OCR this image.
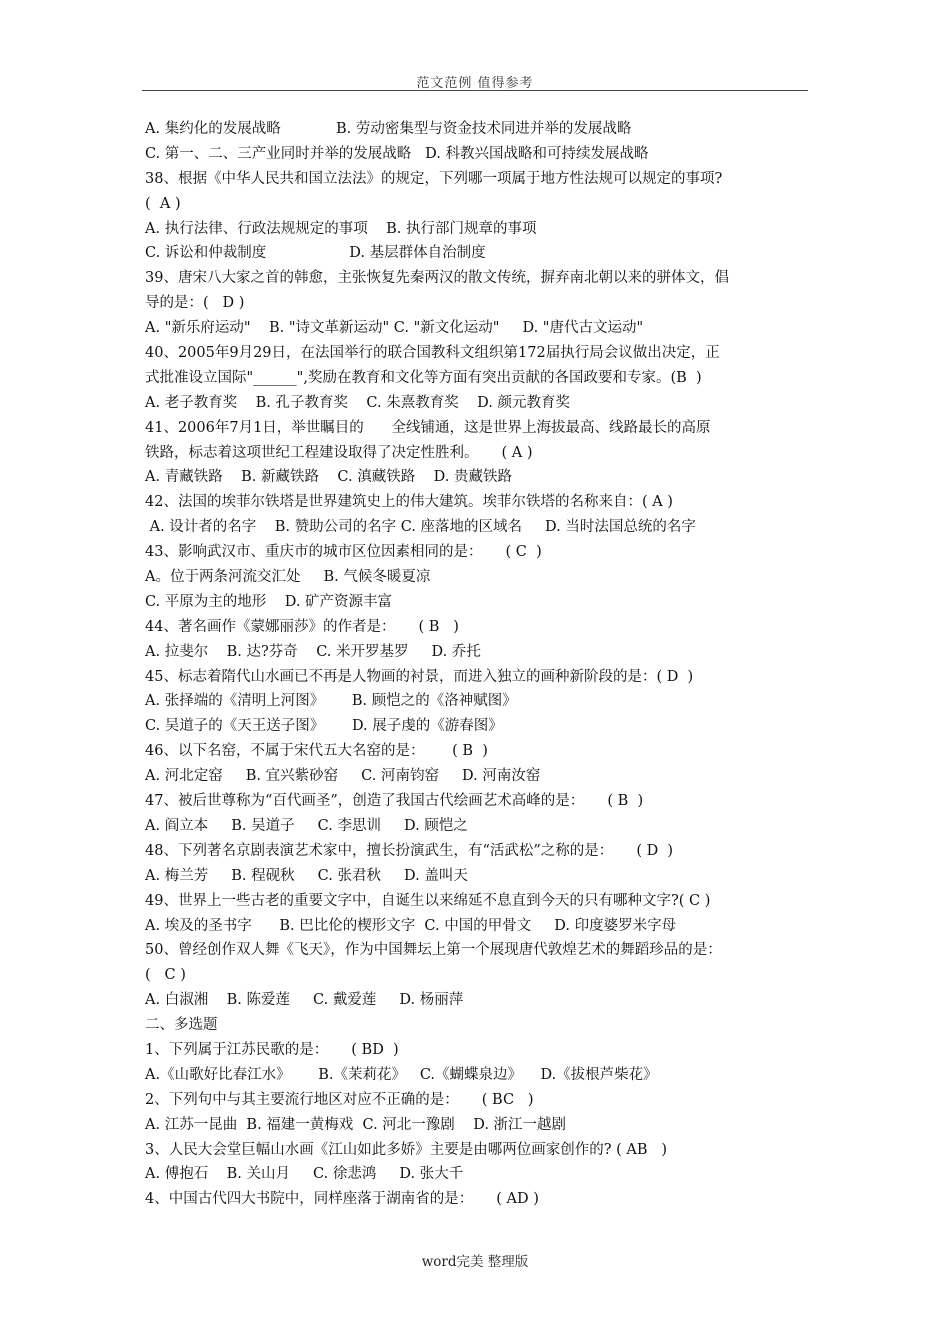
范文范例 值得参考
A. 集约化的发展战略            B. 劳动密集型与资金技术同进并举的发展战略
C. 第一、二、三产业同时并举的发展战略   D. 科教兴国战略和可持续发展战略
38、根据《中华人民共和国立法法》的规定，下列哪一项属于地方性法规可以规定的事项?
(  A )
A. 执行法律、行政法规规定的事项    B. 执行部门规章的事项
C. 诉讼和仲裁制度                  D. 基层群体自治制度
39、唐宋八大家之首的韩愈，主张恢复先秦两汉的散文传统，摒弃南北朝以来的骈体文，倡
导的是：(   D )
A. "新乐府运动"    B. "诗文革新运动" C. "新文化运动"     D. "唐代古文运动"
40、2005年9月29日，在法国举行的联合国教科文组织第172届执行局会议做出决定，正
式批准设立国际"______",奖励在教育和文化等方面有突出贡献的各国政要和专家。(B  )
A. 老子教育奖    B. 孔子教育奖    C. 朱熹教育奖    D. 颜元教育奖
41、2006年7月1日，举世瞩目的      全线铺通，这是世界上海拔最高、线路最长的高原
铁路，标志着这项世纪工程建设取得了决定性胜利。     ( A )
A. 青藏铁路    B. 新藏铁路    C. 滇藏铁路    D. 贵藏铁路
42、法国的埃菲尔铁塔是世界建筑史上的伟大建筑。埃菲尔铁塔的名称来自：( A )
A. 设计者的名字    B. 赞助公司的名字 C. 座落地的区域名     D. 当时法国总统的名字
43、影响武汉市、重庆市的城市区位因素相同的是：     ( C  )
A。位于两条河流交汇处     B. 气候冬暖夏凉
C. 平原为主的地形    D. 矿产资源丰富
44、著名画作《蒙娜丽莎》的作者是：     ( B   )
A. 拉斐尔    B. 达?芬奇    C. 米开罗基罗     D. 乔托
45、标志着隋代山水画已不再是人物画的衬景，而进入独立的画种新阶段的是：( D  )
A. 张择端的《清明上河图》      B. 顾恺之的《洛神赋图》
C. 吴道子的《天王送子图》      D. 展子虔的《游春图》
46、以下名窑，不属于宋代五大名窑的是：      ( B  )
A. 河北定窑     B. 宜兴紫砂窑     C. 河南钧窑     D. 河南汝窑
47、被后世尊称为“百代画圣”，创造了我国古代绘画艺术高峰的是：     ( B  )
A. 阎立本     B. 吴道子     C. 李思训     D. 顾恺之
48、下列著名京剧表演艺术家中，擅长扮演武生，有“活武松”之称的是：     ( D  )
A. 梅兰芳     B. 程砚秋     C. 张君秋     D. 盖叫天
49、世界上一些古老的重要文字中，自诞生以来绵延不息直到今天的只有哪种文字?( C )
A. 埃及的圣书字      B. 巴比伦的楔形文字  C. 中国的甲骨文     D. 印度婆罗米字母
50、曾经创作双人舞《飞天》，作为中国舞坛上第一个展现唐代敦煌艺术的舞蹈珍品的是：
(   C )
A. 白淑湘    B. 陈爱莲     C. 戴爱莲     D. 杨丽萍
二、多选题
1、下列属于江苏民歌的是：     ( BD  )
A.《山歌好比春江水》      B.《茉莉花》   C.《蝴蝶泉边》    D.《拔根芦柴花》
2、下列句中与其主要流行地区对应不正确的是：     ( BC   )
A. 江苏一昆曲  B. 福建一黄梅戏  C. 河北一豫剧    D. 浙江一越剧
3、人民大会堂巨幅山水画《江山如此多娇》主要是由哪两位画家创作的? ( AB   )
A. 傅抱石    B. 关山月     C. 徐悲鸿     D. 张大千
4、中国古代四大书院中，同样座落于湖南省的是：     ( AD )
word完美 整理版
